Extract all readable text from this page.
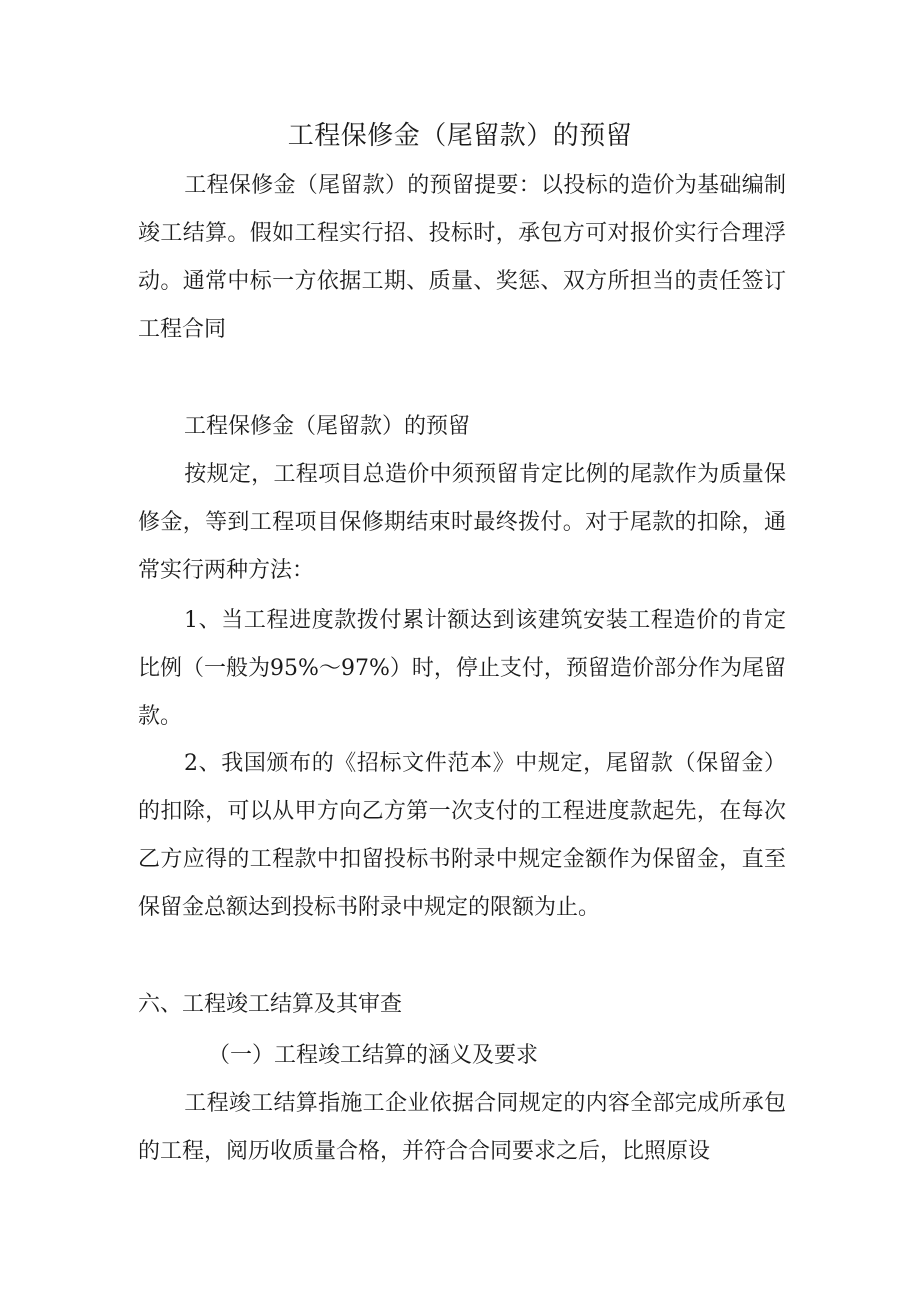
工程保修金（尾留款）的预留

工程保修金（尾留款）的预留提要：以投标的造价为基础编制竣工结算。假如工程实行招、投标时，承包方可对报价实行合理浮动。通常中标一方依据工期、质量、奖惩、双方所担当的责任签订工程合同

工程保修金（尾留款）的预留

按规定，工程项目总造价中须预留肯定比例的尾款作为质量保修金，等到工程项目保修期结束时最终拨付。对于尾款的扣除，通常实行两种方法：

1、当工程进度款拨付累计额达到该建筑安装工程造价的肯定比例（一般为95%～97%）时，停止支付，预留造价部分作为尾留款。

2、我国颁布的《招标文件范本》中规定，尾留款（保留金）的扣除，可以从甲方向乙方第一次支付的工程进度款起先，在每次乙方应得的工程款中扣留投标书附录中规定金额作为保留金，直至保留金总额达到投标书附录中规定的限额为止。

六、工程竣工结算及其审查

（一）工程竣工结算的涵义及要求

工程竣工结算指施工企业依据合同规定的内容全部完成所承包的工程，阅历收质量合格，并符合合同要求之后，比照原设
